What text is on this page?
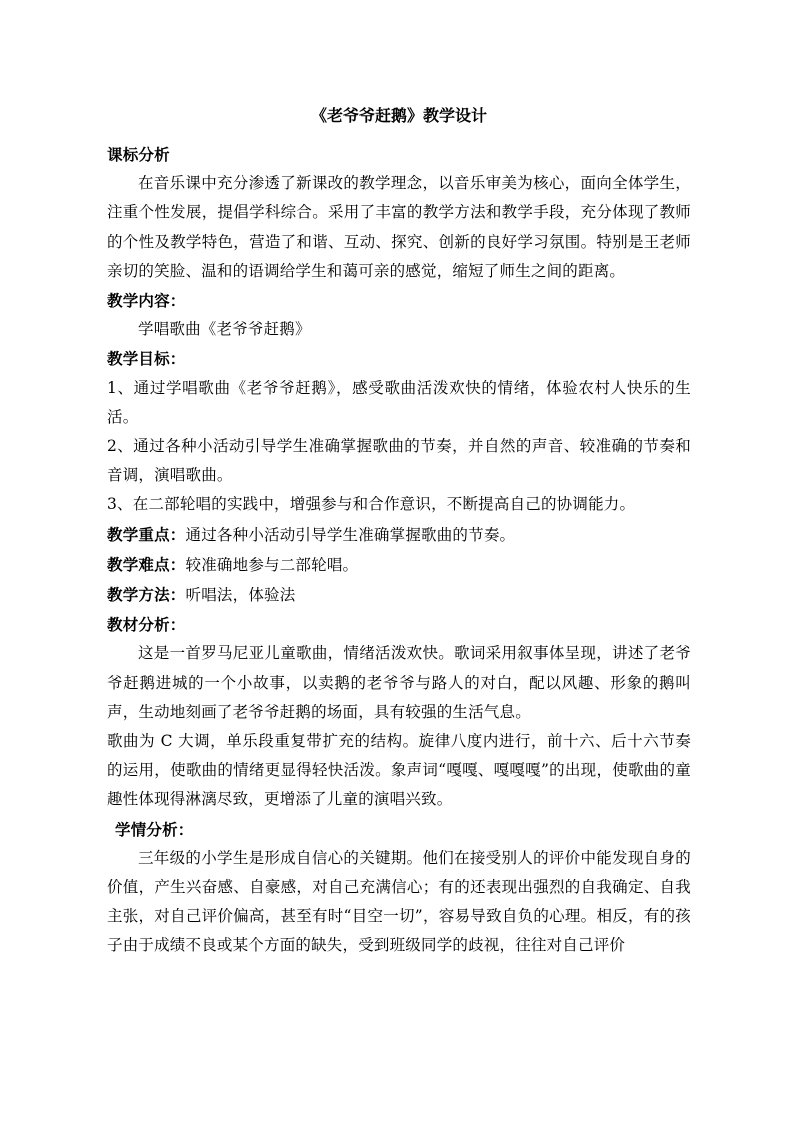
《老爷爷赶鹅》教学设计

课标分析

在音乐课中充分渗透了新课改的教学理念，以音乐审美为核心，面向全体学生，注重个性发展，提倡学科综合。采用了丰富的教学方法和教学手段，充分体现了教师的个性及教学特色，营造了和谐、互动、探究、创新的良好学习氛围。特别是王老师亲切的笑脸、温和的语调给学生和蔼可亲的感觉，缩短了师生之间的距离。

教学内容：

学唱歌曲《老爷爷赶鹅》

教学目标：

1、通过学唱歌曲《老爷爷赶鹅》，感受歌曲活泼欢快的情绪，体验农村人快乐的生活。

2、通过各种小活动引导学生准确掌握歌曲的节奏，并自然的声音、较准确的节奏和音调，演唱歌曲。

3、在二部轮唱的实践中，增强参与和合作意识，不断提高自己的协调能力。

教学重点：通过各种小活动引导学生准确掌握歌曲的节奏。

教学难点：较准确地参与二部轮唱。

教学方法：听唱法，体验法

教材分析：

这是一首罗马尼亚儿童歌曲，情绪活泼欢快。歌词采用叙事体呈现，讲述了老爷爷赶鹅进城的一个小故事，以卖鹅的老爷爷与路人的对白，配以风趣、形象的鹅叫声，生动地刻画了老爷爷赶鹅的场面，具有较强的生活气息。

歌曲为 C 大调，单乐段重复带扩充的结构。旋律八度内进行，前十六、后十六节奏的运用，使歌曲的情绪更显得轻快活泼。象声词“嘎嘎、嘎嘎嘎”的出现，使歌曲的童趣性体现得淋漓尽致，更增添了儿童的演唱兴致。

学情分析：

三年级的小学生是形成自信心的关键期。他们在接受别人的评价中能发现自身的价值，产生兴奋感、自豪感，对自己充满信心；有的还表现出强烈的自我确定、自我主张，对自己评价偏高，甚至有时“目空一切”，容易导致自负的心理。相反，有的孩子由于成绩不良或某个方面的缺失，受到班级同学的歧视，往往对自己评价
